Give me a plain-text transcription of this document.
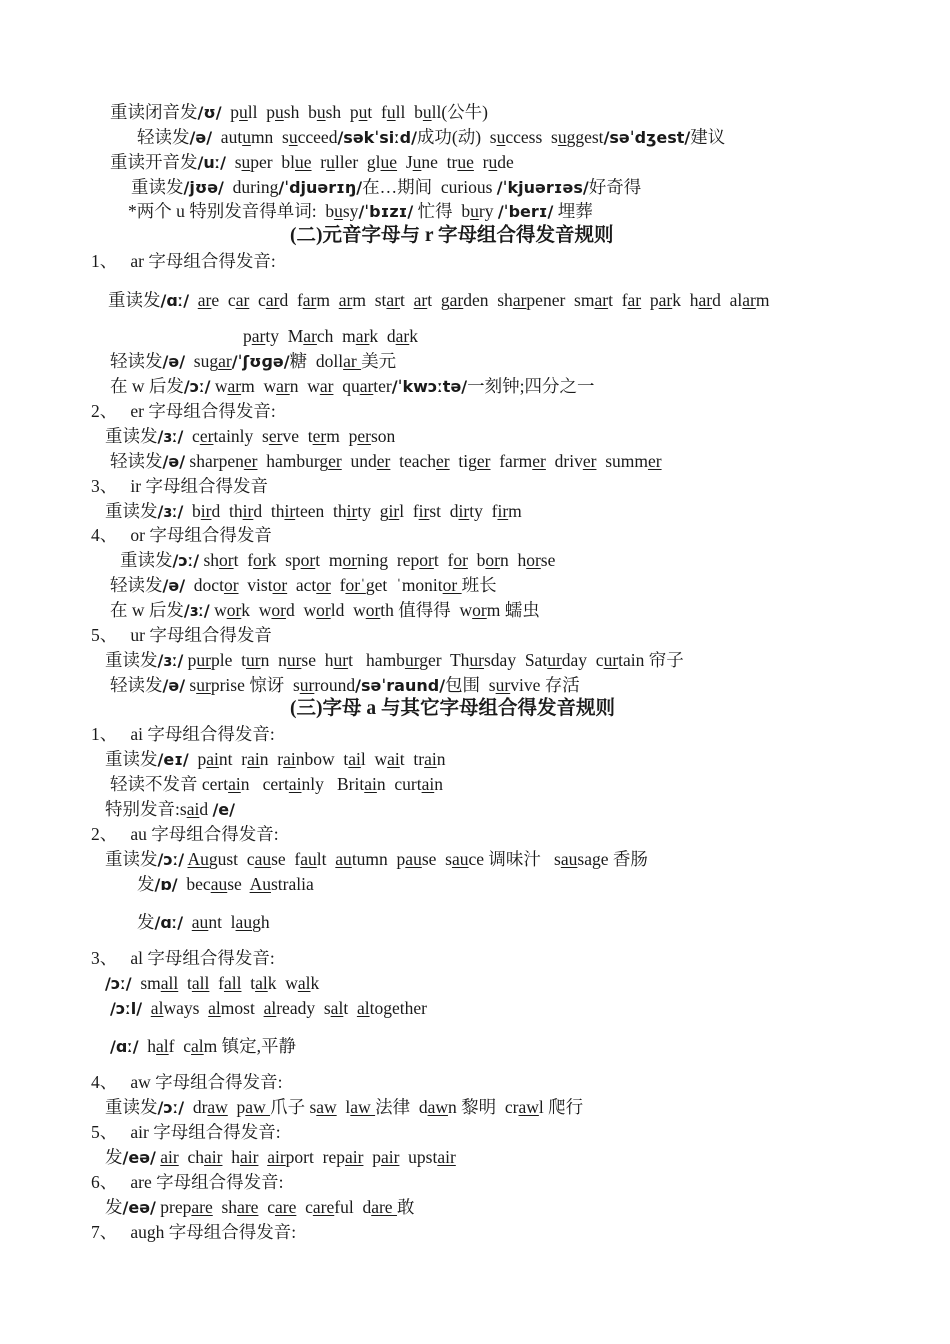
重读闭音发/ʊ/  pull  push  bush  put  full  bull(公牛)
轻读发/ə/  autumn  succeed/səkˈsiːd/成功(动)  success  suggest/səˈdʒest/建议
重读开音发/uː/  super  blue  ruller  glue  June  true  rude
重读发/jʊə/  during/ˈdjuərɪŋ/在…期间  curious /ˈkjuərɪəs/好奇得
*两个 u 特别发音得单词:  busy/ˈbɪzɪ/ 忙得  bury /ˈberɪ/ 埋葬
(二)元音字母与 r 字母组合得发音规则
1、   ar 字母组合得发音:
重读发/ɑː/ are  car  card  farm  arm  start  art  garden  sharpener  smart  far  park  hard  alarm
party  March  mark  dark
轻读发/ə/  sugar/ˈʃʊɡə/糖  dollar 美元
在 w 后发/ɔː/ warm  warn  war  quarter/ˈkwɔːtə/一刻钟;四分之一
2、   er 字母组合得发音:
重读发/ɜː/  certainly  serve  term  person
轻读发/ə/ sharpener  hamburger  under  teacher  tiger  farmer  driver  summer
3、   ir 字母组合得发音
重读发/ɜː/  bird  third  thirteen  thirty  girl  first  dirty  firm
4、   or 字母组合得发音
重读发/ɔː/ short  fork  sport  morning  report  for  born  horse
轻读发/ə/  doctor  vistor  actor  forˈget  ˈmonitor 班长
在 w 后发/ɜː/ work  word  world  worth 值得得  worm 蠕虫
5、   ur 字母组合得发音
重读发/ɜː/ purple  turn  nurse  hurt   hamburger  Thursday  Saturday  curtain 帘子
轻读发/ə/ surprise 惊讶  surround/səˈraund/包围  survive 存活
(三)字母 a 与其它字母组合得发音规则
1、   ai 字母组合得发音:
重读发/eɪ/  paint  rain  rainbow  tail  wait  train
轻读不发音 certain   certainly   Britain  curtain
特别发音:said /e/
2、   au 字母组合得发音:
重读发/ɔː/ August  cause  fault  autumn  pause  sauce 调味汁   sausage 香肠
发/ɒ/  because  Australia
发/ɑː/ aunt  laugh
3、   al 字母组合得发音:
/ɔː/  small  tall  fall  talk  walk
/ɔːl/ always  almost  already  salt  altogether
/ɑː/  half  calm 镇定,平静
4、   aw 字母组合得发音:
重读发/ɔː/  draw  paw 爪子 saw  law 法律  dawn 黎明  crawl 爬行
5、   air 字母组合得发音:
发/eə/ air  chair  hair airport  repair  pair  upstair
6、   are 字母组合得发音:
发/eə/ prepare  share  care  careful  dare 敢
7、   augh 字母组合得发音:
